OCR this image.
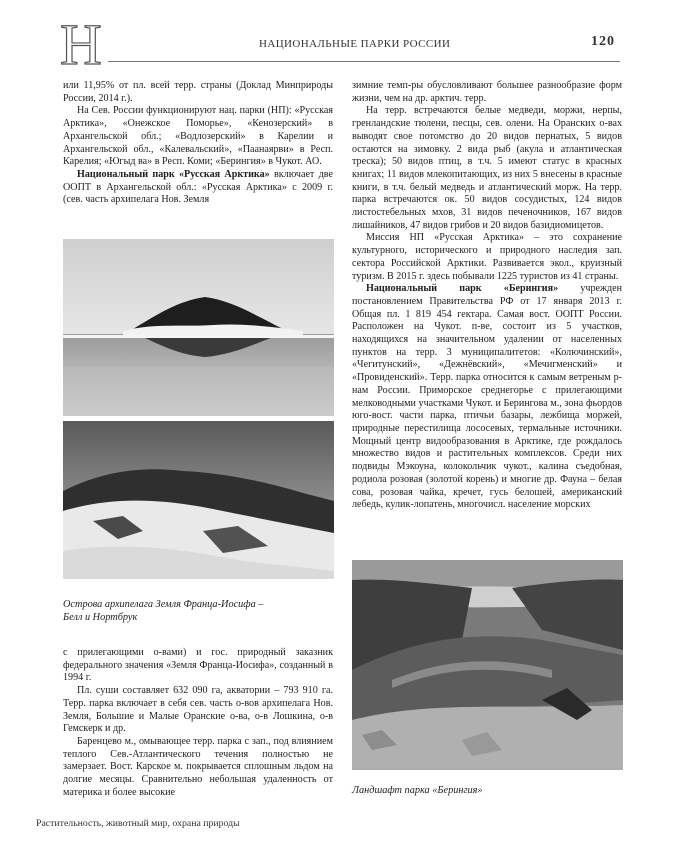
Н	НАЦИОНАЛЬНЫЕ ПАРКИ РОССИИ	120

или 11,95% от пл. всей терр. страны (Доклад Минприроды России, 2014 г.).

На Сев. России функционируют нац. парки (НП): «Русская Арктика», «Онежское Поморье», «Кенозерский» в Архангельской обл.; «Водлозерский» в Карелии и Архангельской обл., «Калевальский», «Паанаярви» в Респ. Карелия; «Югыд ва» в Респ. Коми; «Берингия» в Чукот. АО.

Национальный парк «Русская Арктика» включает две ООПТ в Архангельской обл.: «Русская Арктика» с 2009 г. (сев. часть архипелага Нов. Земля

Острова архипелага Земля Франца-Иосифа –
Белл и Нортбрук

с прилегающими о-вами) и гос. природный заказник федерального значения «Земля Франца-Иосифа», созданный в 1994 г.

Пл. суши составляет 632 090 га, акватории – 793 910 га. Терр. парка включает в себя сев. часть о-вов архипелага Нов. Земля, Большие и Малые Оранские о-ва, о-в Лошкина, о-в Гемскерк и др.

Баренцево м., омывающее терр. парка с зап., под влиянием теплого Сев.-Атлантического течения полностью не замерзает. Вост. Карское м. покрывается сплошным льдом на долгие месяцы. Сравнительно небольшая удаленность от материка и более высокие

зимние темп-ры обусловливают большее разнообразие форм жизни, чем на др. арктич. терр.

На терр. встречаются белые медведи, моржи, нерпы, гренландские тюлени, песцы, сев. олени. На Оранских о-вах выводят свое потомство до 20 видов пернатых, 5 видов остаются на зимовку. 2 вида рыб (акула и атлантическая треска); 50 видов птиц, в т.ч. 5 имеют статус в красных книгах; 11 видов млекопитающих, из них 5 внесены в красные книги, в т.ч. белый медведь и атлантический морж. На терр. парка встречаются ок. 50 видов сосудистых, 124 видов листостебельных мхов, 31 видов печеночников, 167 видов лишайников, 47 видов грибов и 20 видов базидиомицетов.

Миссия НП «Русская Арктика» – это сохранение культурного, исторического и природного наследия зап. сектора Российской Арктики. Развивается экол., круизный туризм. В 2015 г. здесь побывали 1225 туристов из 41 страны.

Национальный парк «Берингия» учрежден постановлением Правительства РФ от 17 января 2013 г. Общая пл. 1 819 454 гектара. Самая вост. ООПТ России. Расположен на Чукот. п-ве, состоит из 5 участков, находящихся на значительном удалении от населенных пунктов на терр. 3 муниципалитетов: «Колючинский», «Чегитунский», «Дежнёвский», «Мечигменский» и «Провиденский». Терр. парка относится к самым ветреным р-нам России. Приморское среднегорье с прилегающими мелководными участками Чукот. и Берингова м., зона фьордов юго-вост. части парка, птичьи базары, лежбища моржей, природные перестилища лососевых, термальные источники. Мощный центр видообразования в Арктике, где рождалось множество видов и растительных комплексов. Среди них подвиды Мэкоуна, колокольчик чукот., калина съедобная, родиола розовая (золотой корень) и многие др. Фауна – белая сова, розовая чайка, кречет, гусь белошей, американский лебедь, кулик-лопатень, многочисл. население морских

Ландшафт парка «Берингия»
Растительность, животный мир, охрана природы
